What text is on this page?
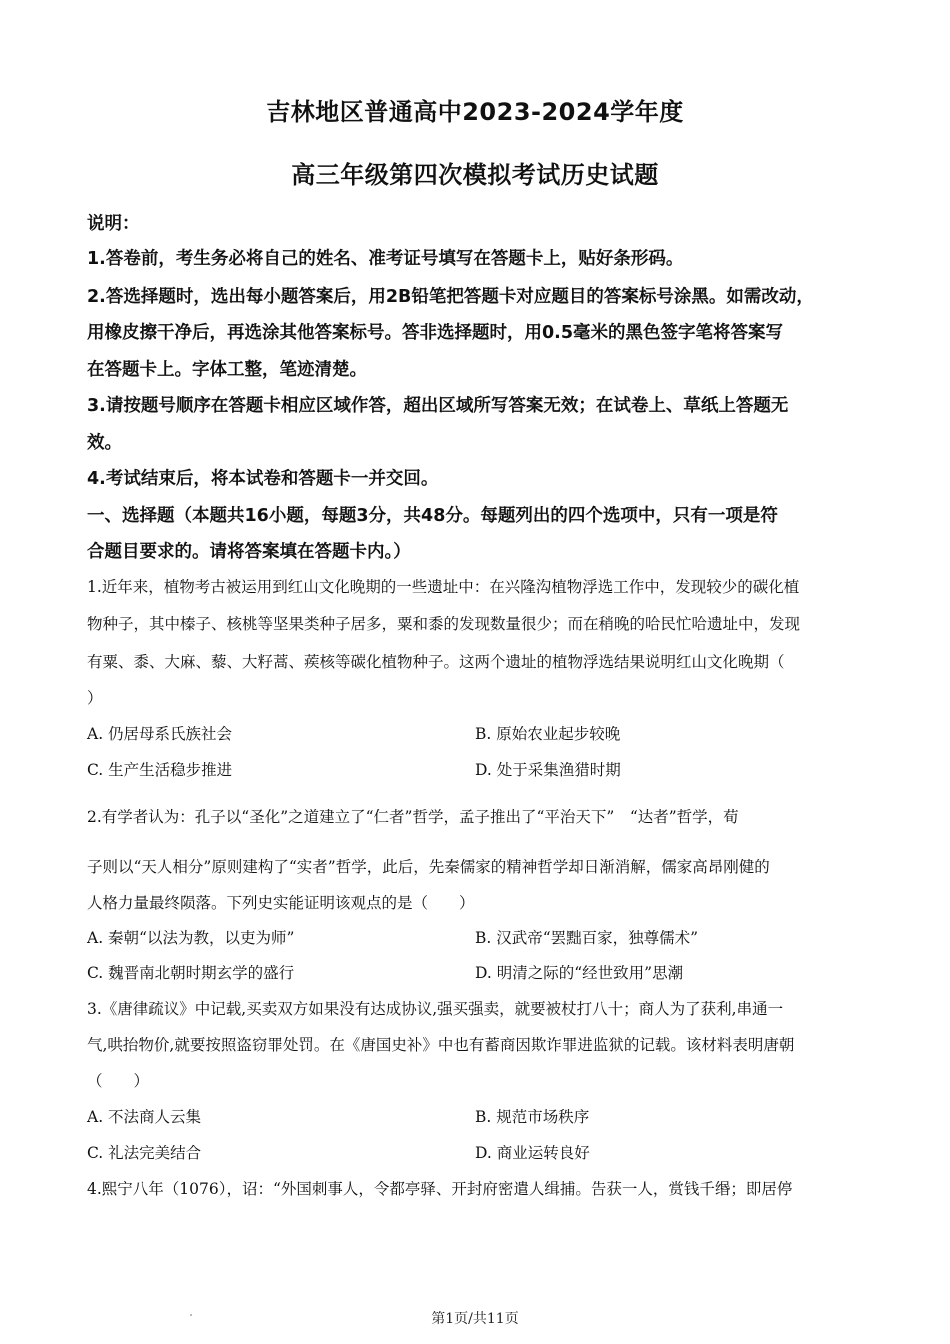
吉林地区普通高中2023-2024学年度
高三年级第四次模拟考试历史试题
说明：
1.答卷前，考生务必将自己的姓名、准考证号填写在答题卡上，贴好条形码。
2.答选择题时，选出每小题答案后，用2B铅笔把答题卡对应题目的答案标号涂黑。如需改动，
用橡皮擦干净后，再选涂其他答案标号。答非选择题时，用0.5毫米的黑色签字笔将答案写
在答题卡上。字体工整，笔迹清楚。
3.请按题号顺序在答题卡相应区域作答，超出区域所写答案无效；在试卷上、草纸上答题无
效。
4.考试结束后，将本试卷和答题卡一并交回。
一、选择题（本题共16小题，每题3分，共48分。每题列出的四个选项中，只有一项是符
合题目要求的。请将答案填在答题卡内。）
1.近年来，植物考古被运用到红山文化晚期的一些遗址中：在兴隆沟植物浮选工作中，发现较少的碳化植
物种子，其中榛子、核桃等坚果类种子居多，粟和黍的发现数量很少；而在稍晚的哈民忙哈遗址中，发现
有粟、黍、大麻、藜、大籽蒿、蒺核等碳化植物种子。这两个遗址的植物浮选结果说明红山文化晚期（
）
A. 仍居母系氏族社会	B. 原始农业起步较晚
C. 生产生活稳步推进	D. 处于采集渔猎时期
2.有学者认为：孔子以“圣化”之道建立了“仁者”哲学，孟子推出了“平治天下”　“达者”哲学，荀
子则以“天人相分”原则建构了“实者”哲学，此后，先秦儒家的精神哲学却日渐消解，儒家高昂刚健的
人格力量最终陨落。下列史实能证明该观点的是（　　）
A. 秦朝“以法为教，以吏为师”	B. 汉武帝“罢黜百家，独尊儒术”
C. 魏晋南北朝时期玄学的盛行	D. 明清之际的“经世致用”思潮
3.《唐律疏议》中记载,买卖双方如果没有达成协议,强买强卖，就要被杖打八十；商人为了获利,串通一
气,哄抬物价,就要按照盗窃罪处罚。在《唐国史补》中也有蓄商因欺诈罪进监狱的记载。该材料表明唐朝
（　　）
A. 不法商人云集	B. 规范市场秩序
C. 礼法完美结合	D. 商业运转良好
4.熙宁八年（1076），诏：“外国刺事人，令都亭驿、开封府密遣人缉捕。告获一人，赏钱千缗；即居停
第1页/共11页
